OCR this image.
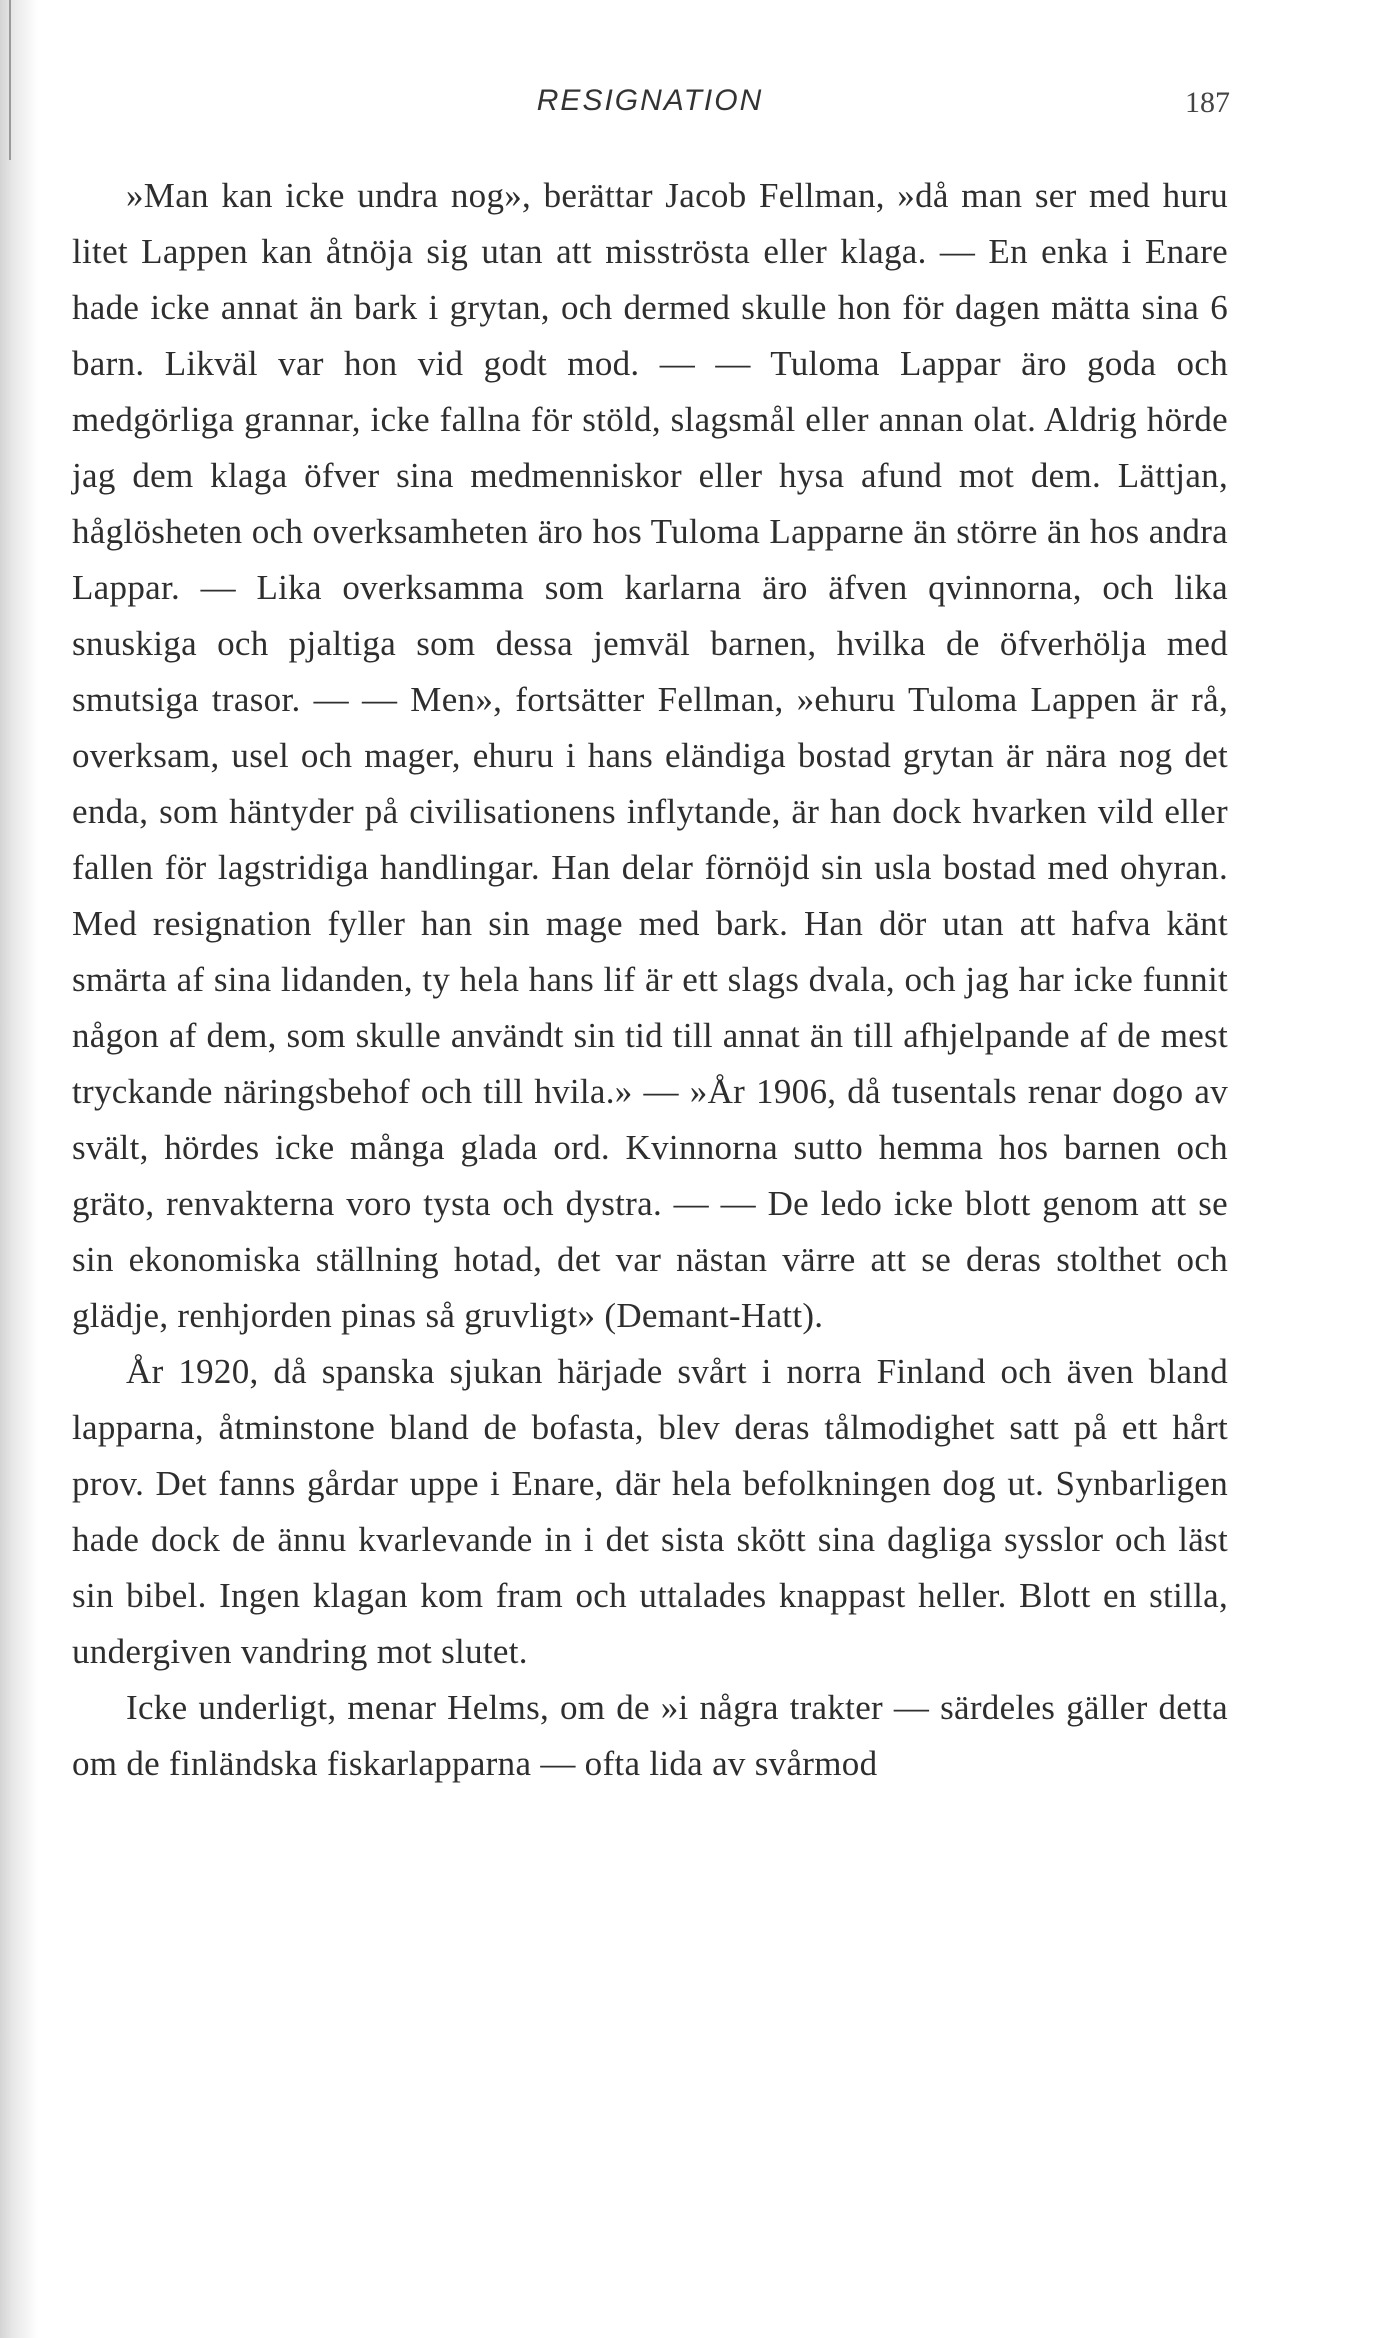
RESIGNATION	187

»Man kan icke undra nog», berättar Jacob Fellman, »då man ser med huru litet Lappen kan åtnöja sig utan att misströsta eller klaga. — En enka i Enare hade icke annat än bark i grytan, och dermed skulle hon för dagen mätta sina 6 barn. Likväl var hon vid godt mod. — — Tuloma Lappar äro goda och medgörliga grannar, icke fallna för stöld, slagsmål eller annan olat. Aldrig hörde jag dem klaga öfver sina medmenniskor eller hysa afund mot dem. Lättjan, håglösheten och overksamheten äro hos Tuloma Lapparne än större än hos andra Lappar. — Lika overksamma som karlarna äro äfven qvinnorna, och lika snuskiga och pjaltiga som dessa jemväl barnen, hvilka de öfverhölja med smutsiga trasor. — — Men», fortsätter Fellman, »ehuru Tuloma Lappen är rå, overksam, usel och mager, ehuru i hans eländiga bostad grytan är nära nog det enda, som häntyder på civilisationens inflytande, är han dock hvarken vild eller fallen för lagstridiga handlingar. Han delar förnöjd sin usla bostad med ohyran. Med resignation fyller han sin mage med bark. Han dör utan att hafva känt smärta af sina lidanden, ty hela hans lif är ett slags dvala, och jag har icke funnit någon af dem, som skulle användt sin tid till annat än till afhjelpande af de mest tryckande näringsbehof och till hvila.» — »År 1906, då tusentals renar dogo av svält, hördes icke många glada ord. Kvinnorna sutto hemma hos barnen och gräto, renvakterna voro tysta och dystra. — — De ledo icke blott genom att se sin ekonomiska ställning hotad, det var nästan värre att se deras stolthet och glädje, renhjorden pinas så gruvligt» (Demant-Hatt).

År 1920, då spanska sjukan härjade svårt i norra Finland och även bland lapparna, åtminstone bland de bofasta, blev deras tålmodighet satt på ett hårt prov. Det fanns gårdar uppe i Enare, där hela befolkningen dog ut. Synbarligen hade dock de ännu kvarlevande in i det sista skött sina dagliga sysslor och läst sin bibel. Ingen klagan kom fram och uttalades knappast heller. Blott en stilla, undergiven vandring mot slutet.

Icke underligt, menar Helms, om de »i några trakter — särdeles gäller detta om de finländska fiskarlapparna — ofta lida av svårmod
